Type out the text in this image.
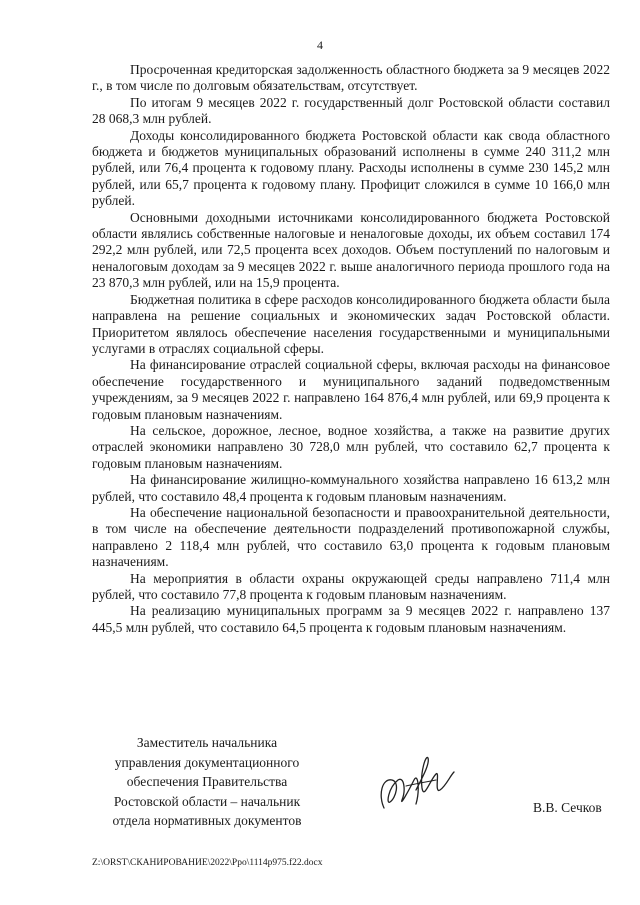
4

Просроченная кредиторская задолженность областного бюджета за 9 месяцев 2022 г., в том числе по долговым обязательствам, отсутствует.

По итогам 9 месяцев 2022 г. государственный долг Ростовской области составил 28 068,3 млн рублей.

Доходы консолидированного бюджета Ростовской области как свода областного бюджета и бюджетов муниципальных образований исполнены в сумме 240 311,2 млн рублей, или 76,4 процента к годовому плану. Расходы исполнены в сумме 230 145,2 млн рублей, или 65,7 процента к годовому плану. Профицит сложился в сумме 10 166,0 млн рублей.

Основными доходными источниками консолидированного бюджета Ростовской области являлись собственные налоговые и неналоговые доходы, их объем составил 174 292,2 млн рублей, или 72,5 процента всех доходов. Объем поступлений по налоговым и неналоговым доходам за 9 месяцев 2022 г. выше аналогичного периода прошлого года на 23 870,3 млн рублей, или на 15,9 процента.

Бюджетная политика в сфере расходов консолидированного бюджета области была направлена на решение социальных и экономических задач Ростовской области. Приоритетом являлось обеспечение населения государственными и муниципальными услугами в отраслях социальной сферы.

На финансирование отраслей социальной сферы, включая расходы на финансовое обеспечение государственного и муниципального заданий подведомственным учреждениям, за 9 месяцев 2022 г. направлено 164 876,4 млн рублей, или 69,9 процента к годовым плановым назначениям.

На сельское, дорожное, лесное, водное хозяйства, а также на развитие других отраслей экономики направлено 30 728,0 млн рублей, что составило 62,7 процента к годовым плановым назначениям.

На финансирование жилищно-коммунального хозяйства направлено 16 613,2 млн рублей, что составило 48,4 процента к годовым плановым назначениям.

На обеспечение национальной безопасности и правоохранительной деятельности, в том числе на обеспечение деятельности подразделений противопожарной службы, направлено 2 118,4 млн рублей, что составило 63,0 процента к годовым плановым назначениям.

На мероприятия в области охраны окружающей среды направлено 711,4 млн рублей, что составило 77,8 процента к годовым плановым назначениям.

На реализацию муниципальных программ за 9 месяцев 2022 г. направлено 137 445,5 млн рублей, что составило 64,5 процента к годовым плановым назначениям.

Заместитель начальника
управления документационного
обеспечения Правительства
Ростовской области – начальник
отдела нормативных документов
В.В. Сечков
Z:\ORST\СКАНИРОВАНИЕ\2022\Ppo\1114p975.f22.docx
